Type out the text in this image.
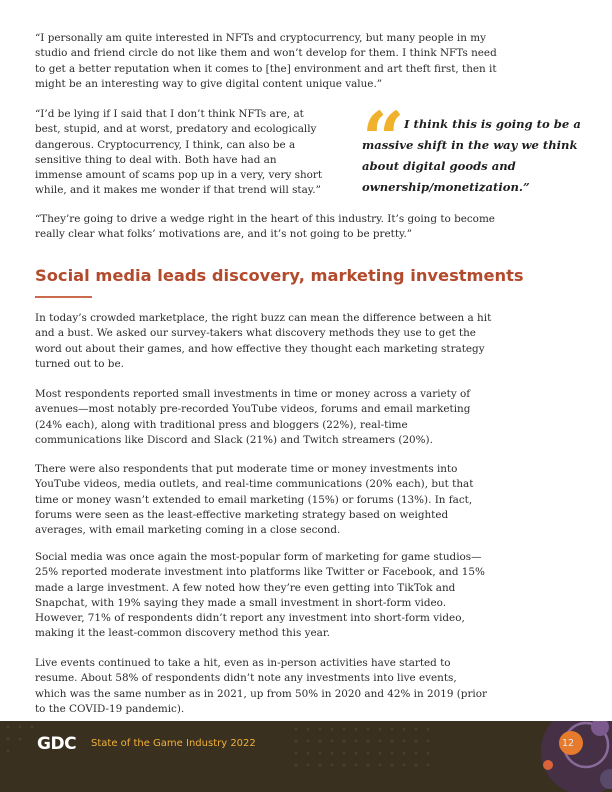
“I personally am quite interested in NFTs and cryptocurrency, but many people in my studio and friend circle do not like them and won’t develop for them. I think NFTs need to get a better reputation when it comes to [the] environment and art theft first, then it might be an interesting way to give digital content unique value.”

“I’d be lying if I said that I don’t think NFTs are, at best, stupid, and at worst, predatory and ecologically dangerous. Cryptocurrency, I think, can also be a sensitive thing to deal with. Both have had an immense amount of scams pop up in a very, very short while, and it makes me wonder if that trend will stay.”

“ I think this is going to be a massive shift in the way we think about digital goods and ownership/monetization.”

“They’re going to drive a wedge right in the heart of this industry. It’s going to become really clear what folks’ motivations are, and it’s not going to be pretty.”

Social media leads discovery, marketing investments

In today’s crowded marketplace, the right buzz can mean the difference between a hit and a bust. We asked our survey-takers what discovery methods they use to get the word out about their games, and how effective they thought each marketing strategy turned out to be.

Most respondents reported small investments in time or money across a variety of avenues—most notably pre-recorded YouTube videos, forums and email marketing (24% each), along with traditional press and bloggers (22%), real-time communications like Discord and Slack (21%) and Twitch streamers (20%).

There were also respondents that put moderate time or money investments into YouTube videos, media outlets, and real-time communications (20% each), but that time or money wasn’t extended to email marketing (15%) or forums (13%). In fact, forums were seen as the least-effective marketing strategy based on weighted averages, with email marketing coming in a close second.

Social media was once again the most-popular form of marketing for game studios—25% reported moderate investment into platforms like Twitter or Facebook, and 15% made a large investment. A few noted how they’re even getting into TikTok and Snapchat, with 19% saying they made a small investment in short-form video. However, 71% of respondents didn’t report any investment into short-form video, making it the least-common discovery method this year.

Live events continued to take a hit, even as in-person activities have started to resume. About 58% of respondents didn’t note any investments into live events, which was the same number as in 2021, up from 50% in 2020 and 42% in 2019 (prior to the COVID-19 pandemic).

GDC	State of the Game Industry 2022	12
